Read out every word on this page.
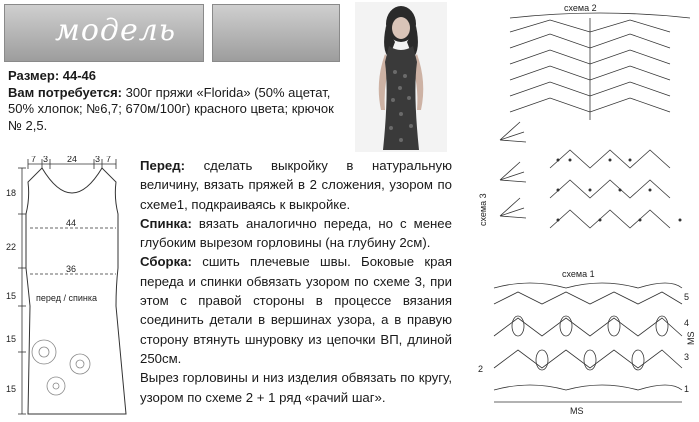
модель	9
Размер: 44-46
Вам потребуется: 300г пряжи «Florida» (50% ацетат, 50% хлопок; №6,7; 670м/100г) красного цвета; крючок № 2,5.
7 3 24 3 7
18
22
15
15
15
44
36
перед / спинка

Перед: сделать выкройку в натуральную величину, вязать пряжей в 2 сложения, узором по схеме1, подкраиваясь к выкройке.

Спинка: вязать аналогично переда, но с менее глубоким вырезом горловины (на глубину 2см).

Сборка: сшить плечевые швы. Боковые края переда и спинки обвязать узором по схеме 3, при этом с правой стороны в процессе вязания соединить детали в вершинах узора, а в правую сторону втянуть шнуровку из цепочки ВП, длиной 250см.

Вырез горловины и низ изделия обвязать по кругу, узором по схеме 2 + 1 ряд «рачий шаг».

схема 2
схема 3
схема 1
5
4
3
2
1
MS
MS
